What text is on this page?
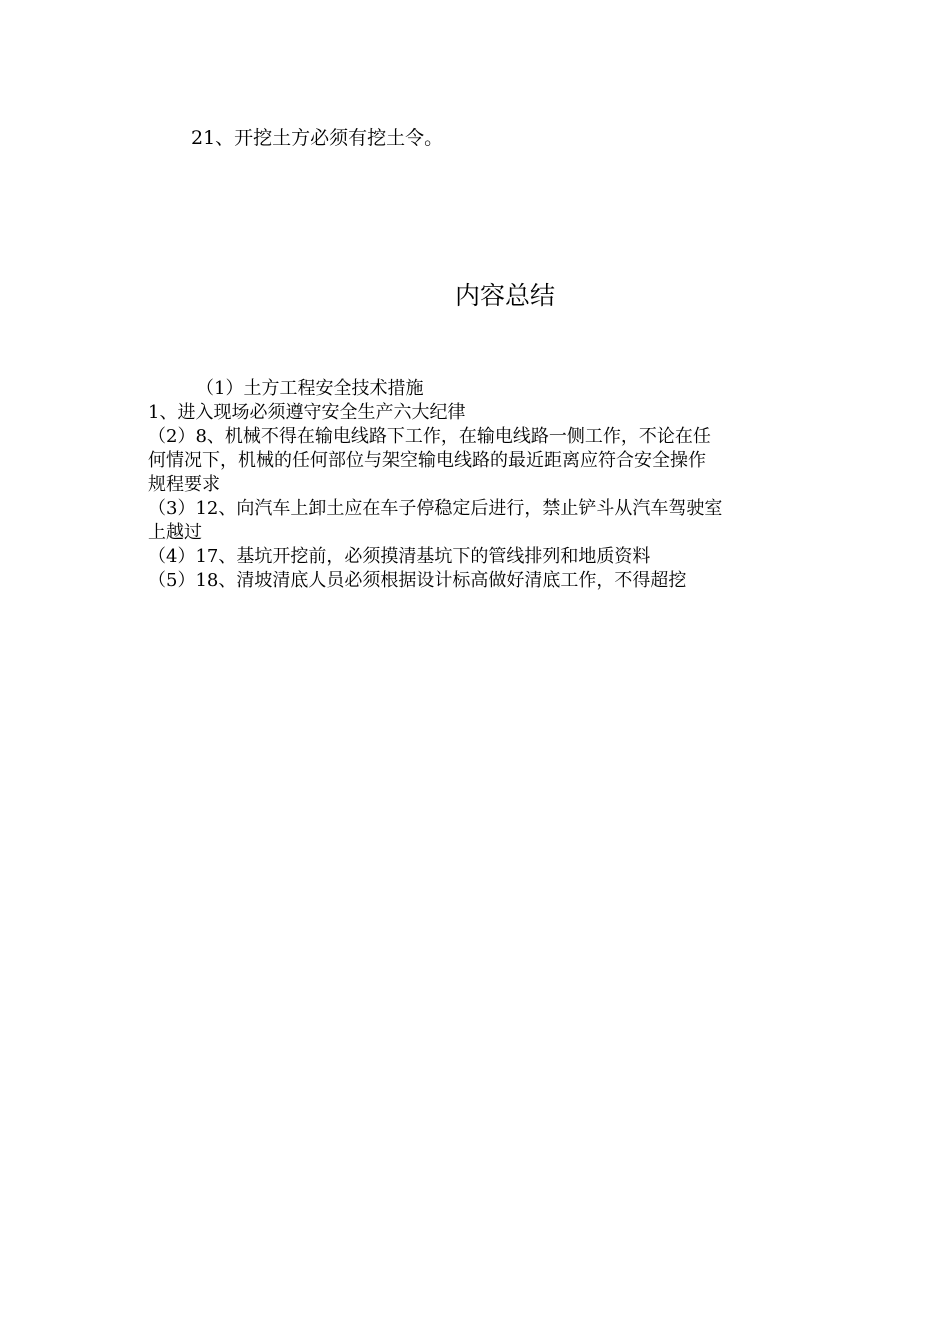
21、开挖土方必须有挖土令。
内容总结
（1）土方工程安全技术措施
1、进入现场必须遵守安全生产六大纪律
（2）8、机械不得在输电线路下工作，在输电线路一侧工作，不论在任
何情况下，机械的任何部位与架空输电线路的最近距离应符合安全操作
规程要求
（3）12、向汽车上卸土应在车子停稳定后进行，禁止铲斗从汽车驾驶室
上越过
（4）17、基坑开挖前，必须摸清基坑下的管线排列和地质资料
（5）18、清坡清底人员必须根据设计标高做好清底工作，不得超挖
